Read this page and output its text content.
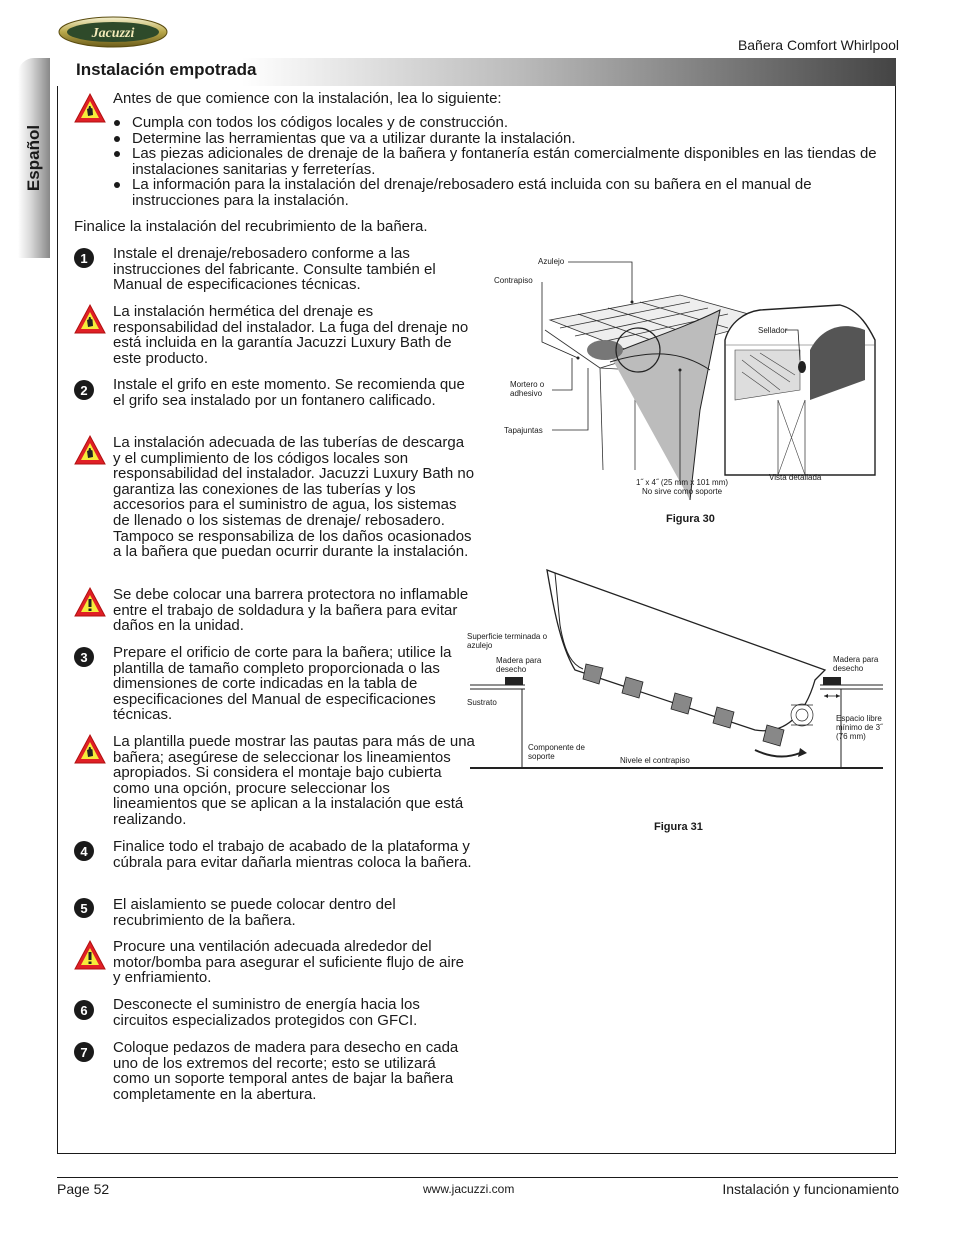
Jacuzzi
Bañera Comfort Whirlpool
Español
Instalación empotrada
Antes de que comience con la instalación, lea lo siguiente:
Cumpla con todos los códigos locales y de construcción.
Determine las herramientas que va a utilizar durante la instalación.
Las piezas adicionales de drenaje de la bañera y fontanería están comercialmente disponibles en las tiendas de instalaciones sanitarias y ferreterías.
La información para la instalación del drenaje/rebosadero está incluida con su bañera en el manual de instrucciones para la instalación.
Finalice la instalación del recubrimiento de la bañera.
1	Instale el drenaje/rebosadero conforme a las instrucciones del fabricante. Consulte también el Manual de especificaciones técnicas.
La instalación hermética del drenaje es responsabilidad del instalador. La fuga del drenaje no está incluida en la garantía Jacuzzi Luxury Bath de este producto.
2	Instale el grifo en este momento. Se recomienda que el grifo sea instalado por un fontanero calificado.
La instalación adecuada de las tuberías de descarga y el cumplimiento de los códigos locales son responsabilidad del instalador. Jacuzzi Luxury Bath no garantiza las conexiones de las tuberías y los accesorios para el suministro de agua, los sistemas de llenado o los sistemas de drenaje/ rebosadero. Tampoco se responsabiliza de los daños ocasionados a la bañera que puedan ocurrir durante la instalación.
Se debe colocar una barrera protectora no inflamable entre el trabajo de soldadura y la bañera para evitar daños en la unidad.
3	Prepare el orificio de corte para la bañera; utilice la plantilla de tamaño completo proporcionada o las dimensiones de corte indicadas en la tabla de especificaciones del Manual de especificaciones técnicas.
La plantilla puede mostrar las pautas para más de una bañera; asegúrese de seleccionar los lineamientos apropiados. Si considera el montaje bajo cubierta como una opción, procure seleccionar los lineamientos que se aplican a la instalación que está realizando.
4	Finalice todo el trabajo de acabado de la plataforma y cúbrala para evitar dañarla mientras coloca la bañera.
5	El aislamiento se puede colocar dentro del recubrimiento de la bañera.
Procure una ventilación adecuada alrededor del motor/bomba para asegurar el suficiente flujo de aire y enfriamiento.
6	Desconecte el suministro de energía hacia los circuitos especializados protegidos con GFCI.
7	Coloque pedazos de madera para desecho en cada uno de los extremos del recorte; esto se utilizará como un soporte temporal antes de bajar la bañera completamente en la abertura.
Azulejo
Contrapiso
Mortero o adhesivo
Tapajuntas
1˝ x 4˝ (25 mm x 101 mm) No sirve como soporte
Sellador
Vista detallada
Figura 30
Superficie terminada o azulejo
Madera para desecho
Sustrato
Componente de soporte	Nivele el contrapiso
Madera para desecho
Espacio libre mínimo de 3˝ (76 mm)
Figura 31
Page 52	www.jacuzzi.com	Instalación y funcionamiento
